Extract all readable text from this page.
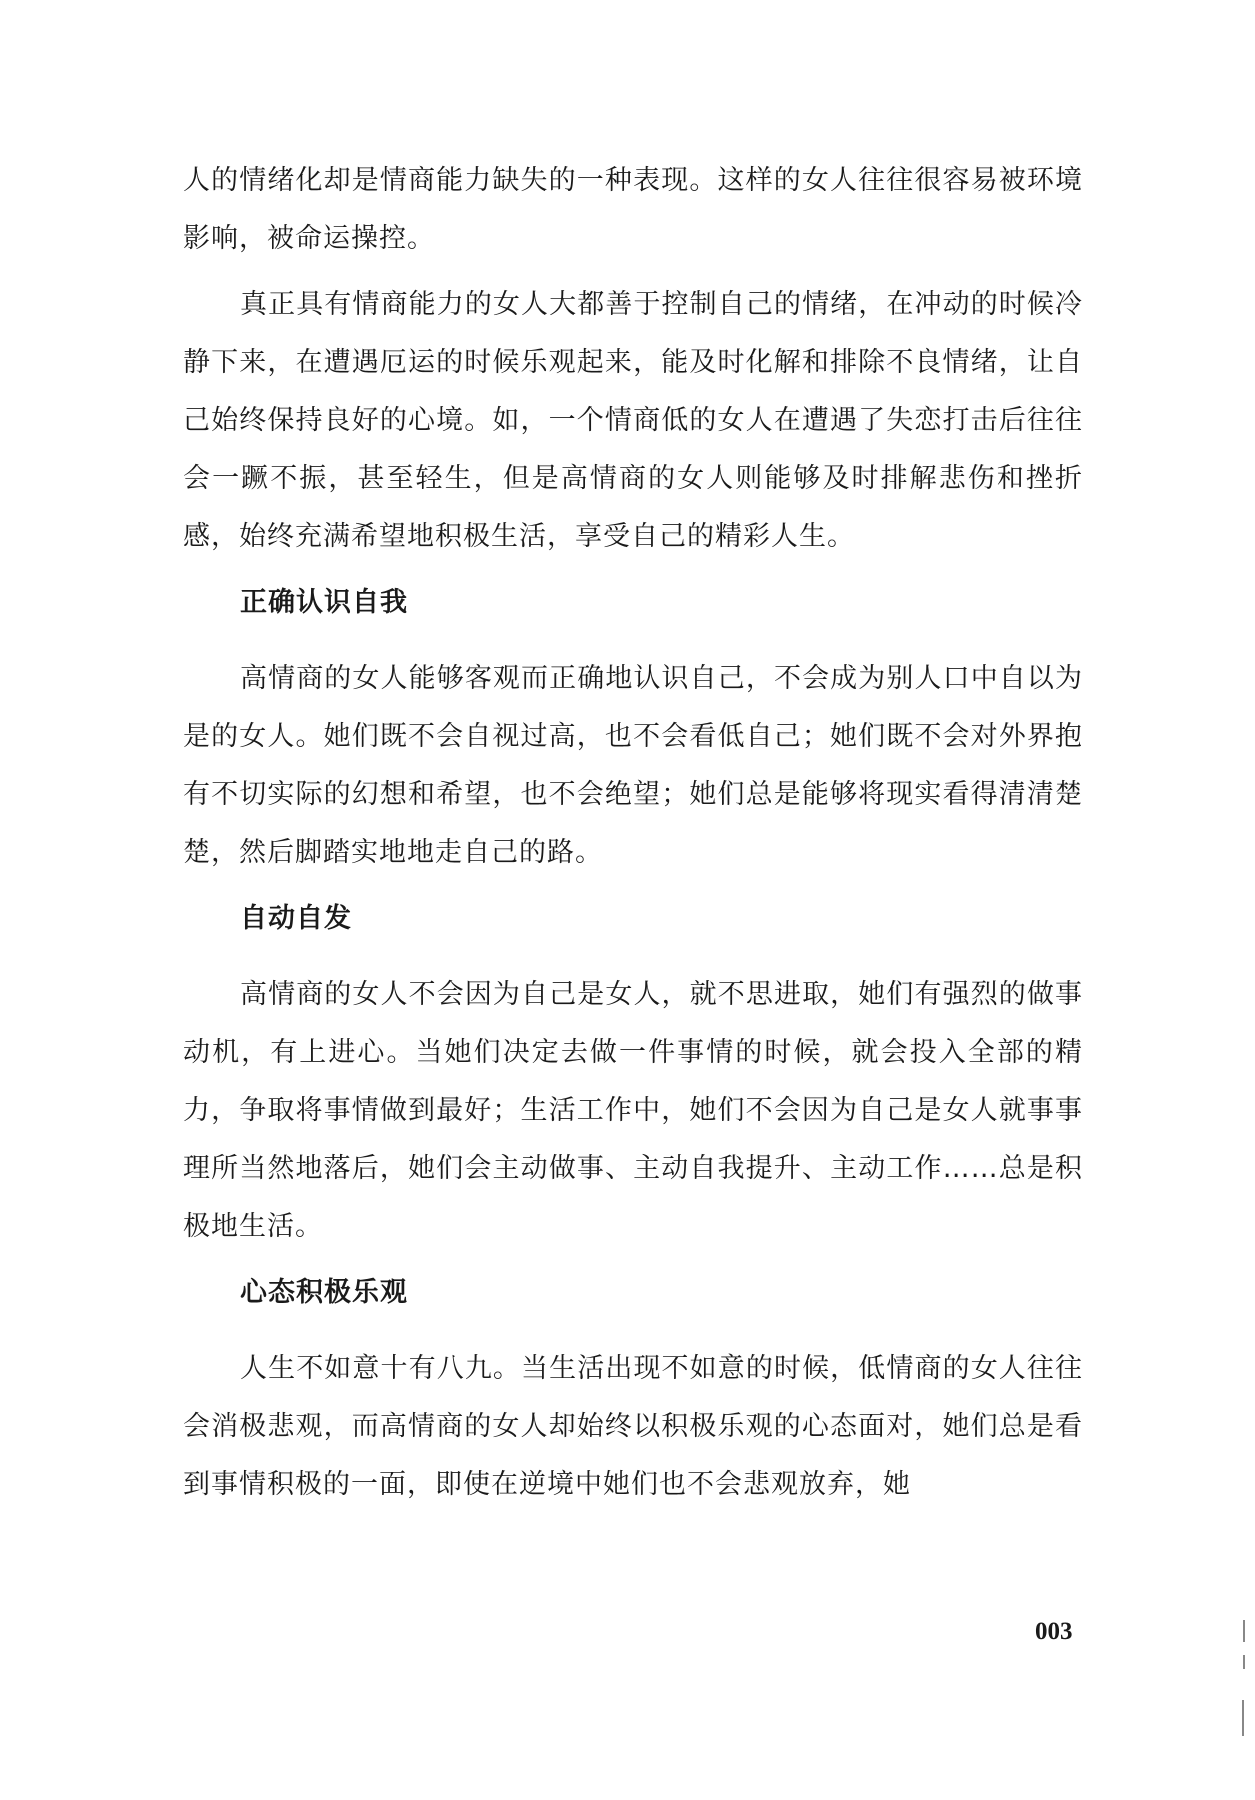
人的情绪化却是情商能力缺失的一种表现。这样的女人往往很容易被环境影响，被命运操控。

真正具有情商能力的女人大都善于控制自己的情绪，在冲动的时候冷静下来，在遭遇厄运的时候乐观起来，能及时化解和排除不良情绪，让自己始终保持良好的心境。如，一个情商低的女人在遭遇了失恋打击后往往会一蹶不振，甚至轻生，但是高情商的女人则能够及时排解悲伤和挫折感，始终充满希望地积极生活，享受自己的精彩人生。

正确认识自我

高情商的女人能够客观而正确地认识自己，不会成为别人口中自以为是的女人。她们既不会自视过高，也不会看低自己；她们既不会对外界抱有不切实际的幻想和希望，也不会绝望；她们总是能够将现实看得清清楚楚，然后脚踏实地地走自己的路。

自动自发

高情商的女人不会因为自己是女人，就不思进取，她们有强烈的做事动机，有上进心。当她们决定去做一件事情的时候，就会投入全部的精力，争取将事情做到最好；生活工作中，她们不会因为自己是女人就事事理所当然地落后，她们会主动做事、主动自我提升、主动工作……总是积极地生活。

心态积极乐观

人生不如意十有八九。当生活出现不如意的时候，低情商的女人往往会消极悲观，而高情商的女人却始终以积极乐观的心态面对，她们总是看到事情积极的一面，即使在逆境中她们也不会悲观放弃，她

003
